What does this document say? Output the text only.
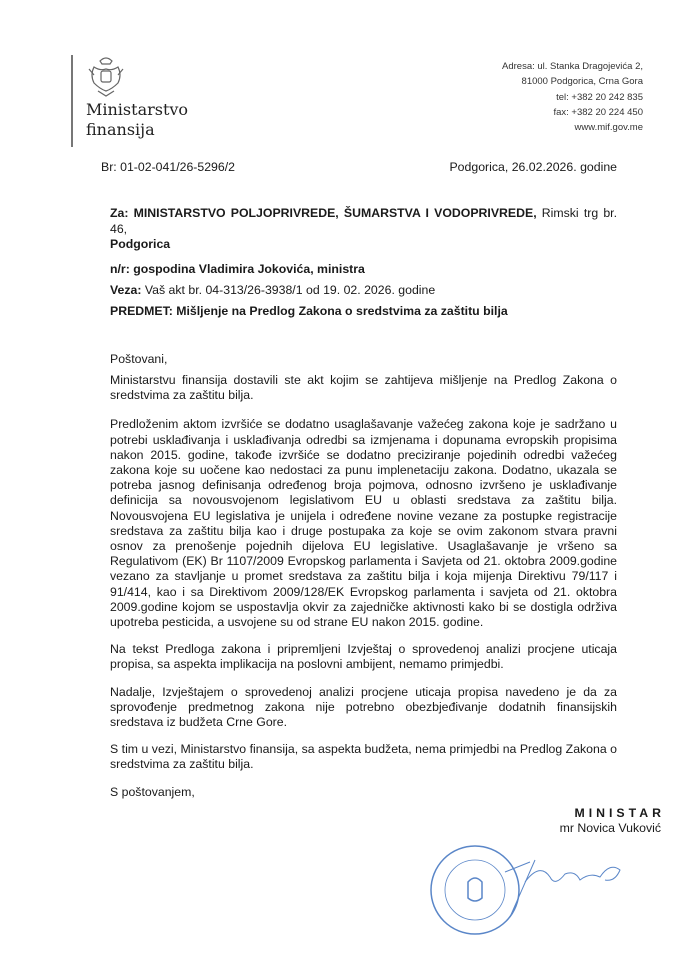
Ministarstvo
finansija
Adresa: ul. Stanka Dragojevića 2,
81000 Podgorica, Crna Gora
tel: +382 20 242 835
fax: +382 20 224 450
www.mif.gov.me
Br: 01-02-041/26-5296/2	Podgorica, 26.02.2026. godine

Za: MINISTARSTVO POLJOPRIVREDE, ŠUMARSTVA I VODOPRIVREDE, Rimski trg br. 46,

Podgorica

n/r: gospodina Vladimira Jokovića, ministra

Veza: Vaš akt br. 04-313/26-3938/1 od 19. 02. 2026. godine

PREDMET: Mišljenje na Predlog Zakona o sredstvima za zaštitu bilja

Poštovani,

Ministarstvu finansija dostavili ste akt kojim se zahtijeva mišljenje na Predlog Zakona o sredstvima za zaštitu bilja.

Predloženim aktom izvršiće se dodatno usaglašavanje važećeg zakona koje je sadržano u potrebi usklađivanja i usklađivanja odredbi sa izmjenama i dopunama evropskih propisima nakon 2015. godine, takođe izvršiće se dodatno preciziranje pojedinih odredbi važećeg zakona koje su uočene kao nedostaci za punu implenetaciju zakona. Dodatno, ukazala se potreba jasnog definisanja određenog broja pojmova, odnosno izvršeno je usklađivanje definicija sa novousvojenom legislativom EU u oblasti sredstava za zaštitu bilja. Novousvojena EU legislativa je unijela i određene novine vezane za postupke registracije sredstava za zaštitu bilja kao i druge postupaka za koje se ovim zakonom stvara pravni osnov za prenošenje pojednih dijelova EU legislative. Usaglašavanje je vršeno sa Regulativom (EK) Br 1107/2009 Evropskog parlamenta i Savjeta od 21. oktobra 2009.godine vezano za stavljanje u promet sredstava za zaštitu bilja i koja mijenja Direktivu 79/117 i 91/414, kao i sa Direktivom 2009/128/EK Evropskog parlamenta i savjeta od 21. oktobra 2009.godine kojom se uspostavlja okvir za zajedničke aktivnosti kako bi se dostigla održiva upotreba pesticida, a usvojene su od strane EU nakon 2015. godine.

Na tekst Predloga zakona i pripremljeni Izvještaj o sprovedenoj analizi procjene uticaja propisa, sa aspekta implikacija na poslovni ambijent, nemamo primjedbi.

Nadalje, Izvještajem o sprovedenoj analizi procjene uticaja propisa navedeno je da za sprovođenje predmetnog zakona nije potrebno obezbjeđivanje dodatnih finansijskih sredstava iz budžeta Crne Gore.

S tim u vezi, Ministarstvo finansija, sa aspekta budžeta, nema primjedbi na Predlog Zakona o sredstvima za zaštitu bilja.

S poštovanjem,

MINISTAR
mr Novica Vuković
